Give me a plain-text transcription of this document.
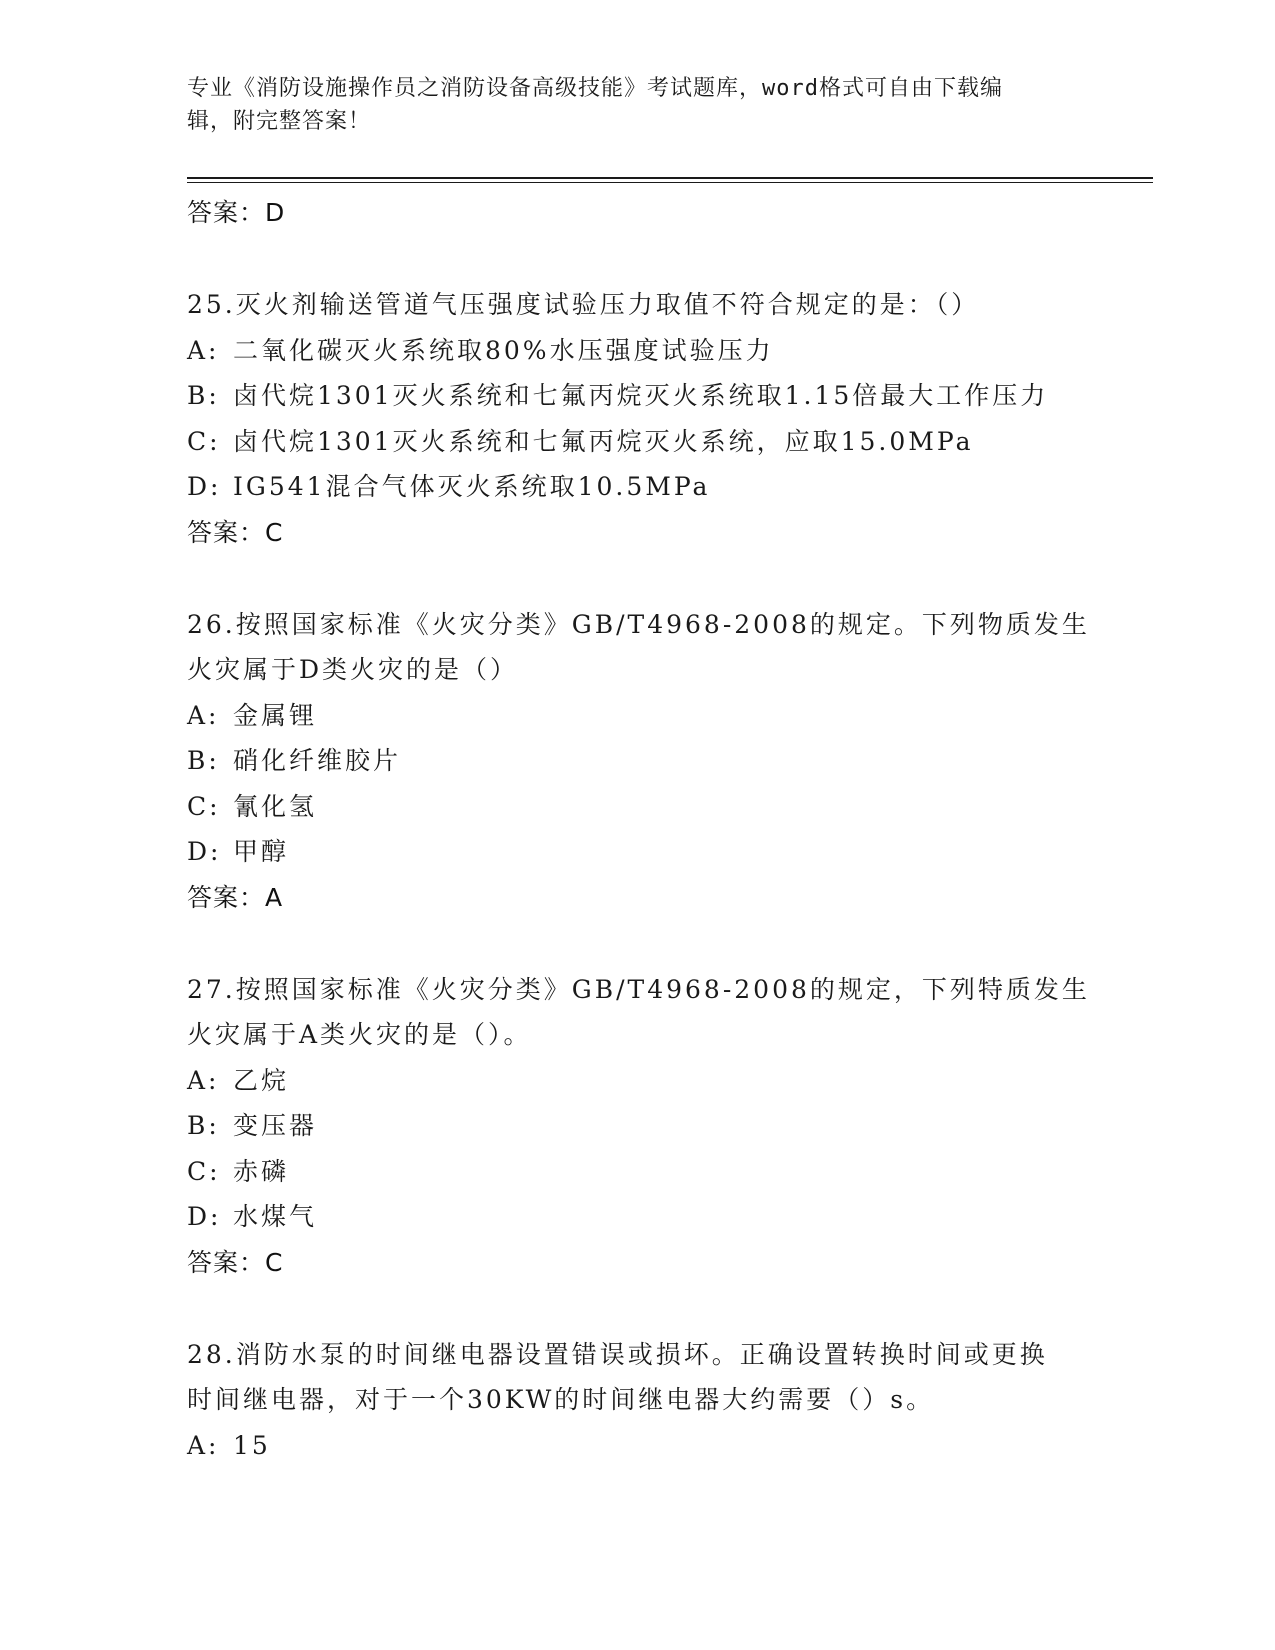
专业《消防设施操作员之消防设备高级技能》考试题库，word格式可自由下载编
辑，附完整答案！
答案：D
25.灭火剂输送管道气压强度试验压力取值不符合规定的是：（）
A: 二氧化碳灭火系统取80%水压强度试验压力
B: 卤代烷1301灭火系统和七氟丙烷灭火系统取1.15倍最大工作压力
C: 卤代烷1301灭火系统和七氟丙烷灭火系统，应取15.0MPa
D: IG541混合气体灭火系统取10.5MPa
答案：C
26.按照国家标准《火灾分类》GB/T4968-2008的规定。下列物质发生
火灾属于D类火灾的是（）
A: 金属锂
B: 硝化纤维胶片
C: 氰化氢
D: 甲醇
答案：A
27.按照国家标准《火灾分类》GB/T4968-2008的规定，下列特质发生
火灾属于A类火灾的是（）。
A: 乙烷
B: 变压器
C: 赤磷
D: 水煤气
答案：C
28.消防水泵的时间继电器设置错误或损坏。正确设置转换时间或更换
时间继电器，对于一个30KW的时间继电器大约需要（）s。
A: 15
